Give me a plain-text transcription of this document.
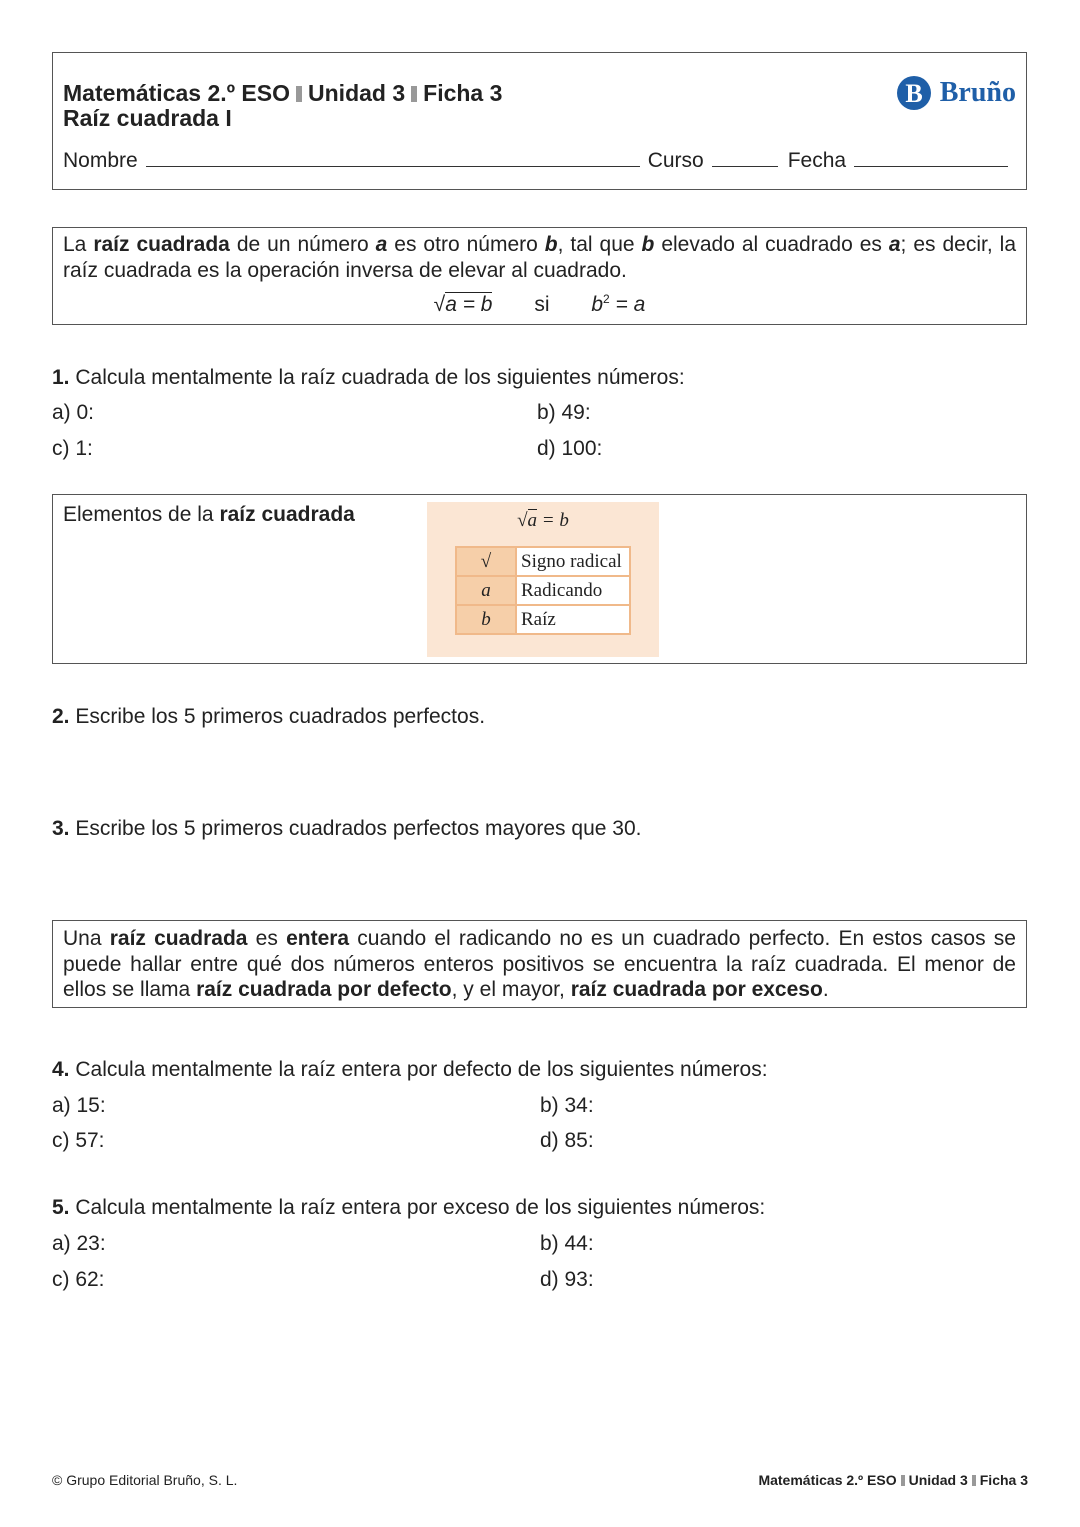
Matemáticas 2.º ESO Unidad 3 Ficha 3
Raíz cuadrada I
B Bruño
Nombre	Curso	Fecha
La raíz cuadrada de un número a es otro número b, tal que b elevado al cuadrado es a; es decir, la raíz cuadrada es la operación inversa de elevar al cuadrado.
√a = b si $b^2 = a$
1. Calcula mentalmente la raíz cuadrada de los siguientes números:
a) 0:	b) 49:
c) 1:	d) 100:
Elementos de la raíz cuadrada	√a = b
√	Signo radical
a	Radicando
b	Raíz
2. Escribe los 5 primeros cuadrados perfectos.
3. Escribe los 5 primeros cuadrados perfectos mayores que 30.
Una raíz cuadrada es entera cuando el radicando no es un cuadrado perfecto. En estos casos se puede hallar entre qué dos números enteros positivos se encuentra la raíz cuadrada. El menor de ellos se llama raíz cuadrada por defecto, y el mayor, raíz cuadrada por exceso.
4. Calcula mentalmente la raíz entera por defecto de los siguientes números:
a) 15:	b) 34:
c) 57:	d) 85:
5. Calcula mentalmente la raíz entera por exceso de los siguientes números:
a) 23:	b) 44:
c) 62:	d) 93:
© Grupo Editorial Bruño, S. L.	Matemáticas 2.º ESO Unidad 3 Ficha 3
